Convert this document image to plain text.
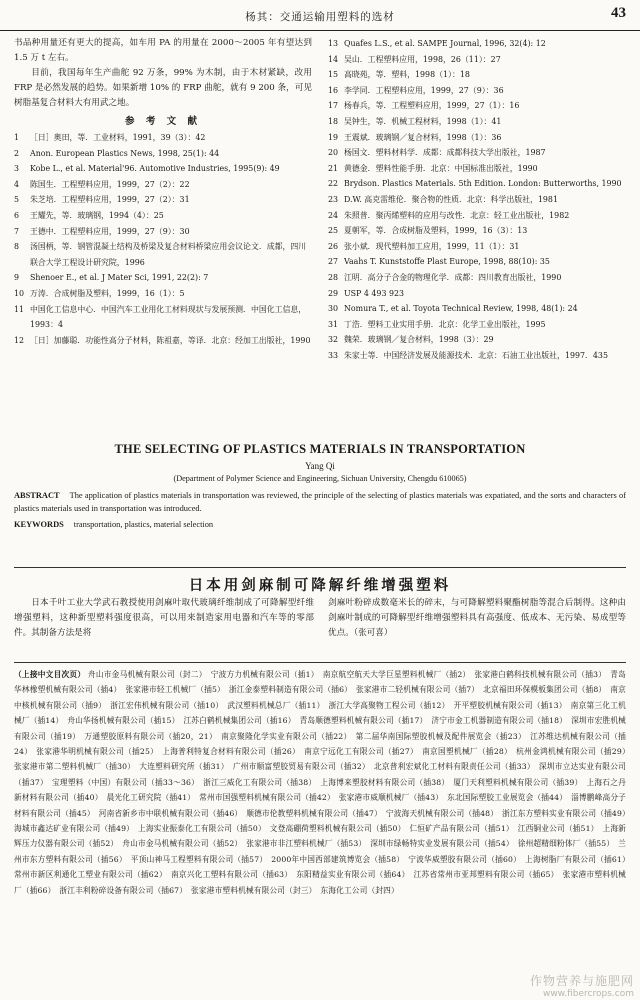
杨其：交通运输用塑料的选材	43

书品种用量还有更大的提高，如车用 PA 的用量在 2000～2005 年有望达到 1.5 万 t 左右。

目前，我国每年生产曲舵 92 万条，99% 为木制，由于木材紧缺，改用 FRP 是必然发展的趋势。如果新增 10% 的 FRP 曲舵，就有 9 200 条，可见树脂基复合材料大有用武之地。

参 考 文 献
1	［日］奥田，等．工业材料，1991，39（3）：42
2	Anon. European Plastics News, 1998, 25(1): 44
3	Kobe L., et al. Material'96. Automotive Industries, 1995(9): 49
4	陈国生．工程塑料应用，1999，27（2）：22
5	朱芝培．工程塑料应用，1999，27（2）：31
6	王耀先，等．玻璃钢，1994（4）：25
7	王德中．工程塑料应用，1999，27（9）：30
8	汤国柄，等．钢管混凝土结构及桥梁及复合材料桥梁应用会议论文．成都，四川联合大学工程设计研究院，1996
9	Shenoer E., et al. J Mater Sci, 1991, 22(2): 7
10 万涛．合成树脂及塑料，1999，16（1）：5
11 中国化工信息中心．中国汽车工业用化工材料现状与发展预测．中国化工信息，1993：4
12 ［日］加藤聪．功能性高分子材料，陈祖嘉，等译．北京：经加工出版社，1990
13 Quafes L.S., et al. SAMPE Journal, 1996, 32(4): 12
14 吴山．工程塑料应用，1998，26（11）：27
15 高晓苑，等．塑料，1998（1）：18
16 李学同．工程塑料应用，1999，27（9）：36
17 杨春兵，等．工程塑料应用，1999，27（1）：16
18 吴钟生，等．机械工程材料，1998（1）：41
19 王震斌．玻璃钢／复合材料，1998（1）：36
20 杨国文．塑料材料学．成都：成都科技大学出版社，1987
21 黄德金．塑料性能手册．北京：中国标准出版社，1990
22 Brydson. Plastics Materials. 5th Edition. London: Butterworths, 1990
23 D.W. 高克雷维伦．聚合物的性质．北京：科学出版社，1981
24 朱照普．聚丙烯塑料的应用与改性．北京：轻工业出版社，1982
25 夏朝军，等．合成树脂及塑料，1999，16（3）：13
26 张小斌．现代塑料加工应用，1999，11（1）：31
27 Vaahs T. Kunststoffe Plast Europe, 1998, 88(10): 35
28 江明．高分子合金的物理化学．成都：四川教育出版社，1990
29 USP 4 493 923
30 Nomura T., et al. Toyota Technical Review, 1998, 48(1): 24
31 丁浩．塑料工业实用手册．北京：化学工业出版社，1995
32 魏荣．玻璃钢／复合材料，1998（3）：29
33 朱家士等．中国经济发展及能源技术．北京：石油工业出版社，1997．435
THE SELECTING OF PLASTICS MATERIALS IN TRANSPORTATION
Yang Qi
(Department of Polymer Science and Engineering, Sichuan University, Chengdu 610065)
ABSTRACT The application of plastics materials in transportation was reviewed, the principle of the selecting of plastics materials was expatiated, and the sorts and characters of plastics materials used in transportation was introduced.
KEYWORDS transportation, plastics, material selection
日本用剑麻制可降解纤维增强塑料
日本千叶工业大学武石教授使用剑麻叶取代玻璃纤维制成了可降解型纤维增强塑料，这种新型塑料强度很高，可以用来制造家用电器和汽车等的零部件。其制备方法是将
剑麻叶粉碎成数毫米长的碎末，与可降解塑料聚酯树脂等混合后制得。这种由剑麻叶制成的可降解型纤维增强塑料具有高强度、低成本、无污染、易成型等优点。（张可喜）
（上接中文目次页） 舟山市金马机械有限公司（封二）　宁波方力机械有限公司（插1）　南京航空航天大学巨星塑料机械厂（插2）　张家港白鹤科技机械有限公司（插3）　青岛华林橡塑机械有限公司（插4）　张家港市轻工机械厂（插5）　浙江金泰塑料制造有限公司（插6）　张家港市二轻机械有限公司（插7）　北京福田环保模板集团公司（插8）　南京中核机械有限公司（插9）　浙江宏伟机械有限公司（插10）　武汉塑料机械总厂（插11）　浙江大学高聚物工程公司（插12）　开平塑胶机械有限公司（插13）　南京第三化工机械厂（插14）　舟山华扬机械有限公司（插15）　江苏白鹤机械集团公司（插16）　青岛顺德塑料机械有限公司（插17）　济宁市金工机器制造有限公司（插18）　深圳市宏胜机械有限公司（插19）　万通塑胶原料有限公司（插20，21）　南京聚隆化学实业有限公司（插22）　第二届华南国际塑胶机械及配件展览会（插23）　江苏维达机械有限公司（插24）　张家港华明机械有限公司（插25）　上海普利特复合材料有限公司（插26）　南京宁远化工有限公司（插27）　南京国塑机械厂（插28）　杭州金鸿机械有限公司（插29）　张家港市第二塑料机械厂（插30）　大连塑料研究所（插31）　广州市顺富塑胶贸易有限公司（插32）　北京普利宏斌化工材料有限责任公司（插33）　深圳市立达实业有限公司（插37）　宝理塑料（中国）有限公司（插33～36）　浙江三威化工有限公司（插38）　上海博来塑胶材料有限公司（插38）　厦门天利塑料机械有限公司（插39）　上海石之丹新材料有限公司（插40）　晨光化工研究院（插41）　常州市国强塑料机械有限公司（插42）　张家港市威顺机械厂（插43）　东北国际塑胶工业展览会（插44）　淄博鹏峰高分子材料有限公司（插45）　河南省新乡市中联机械有限公司（插46）　顺德市伦教塑料机械有限公司（插47）　宁波海天机械有限公司（插48）　浙江东方塑料实业有限公司（插49）　海城市鑫达矿业有限公司（插49）　上海实业振泰化工有限公司（插50）　文登高硼荷塑料机械有限公司（插50）　仁恒矿产品有限公司（插51）　江西铜业公司（插51）　上海新辉压力仪器有限公司（插52）　舟山市金马机械有限公司（插52）　张家港市非江塑料机械厂（插53）　深圳市绿畅特实业发展有限公司（插54）　徐州超精细粉体厂（插55）　兰州市东方塑料有限公司（插56）　平顶山神马工程塑料有限公司（插57）　2000年中国西部建筑博览会（插58）　宁波华威塑胶有限公司（插60）　上海树脂厂有限公司（插61）　常州市新区利通化工塑业有限公司（插62）　南京兴化工塑料有限公司（插63）　东阳精益实业有限公司（插64）　江苏省常州市亚邦塑料有限公司（插65）　张家港市塑料机械厂（插66）　浙江丰利粉碎设备有限公司（插67）　张家港市塑料机械有限公司（封三）　东海化工公司（封四）
作物营养与施肥网
www.fibercrops.com
